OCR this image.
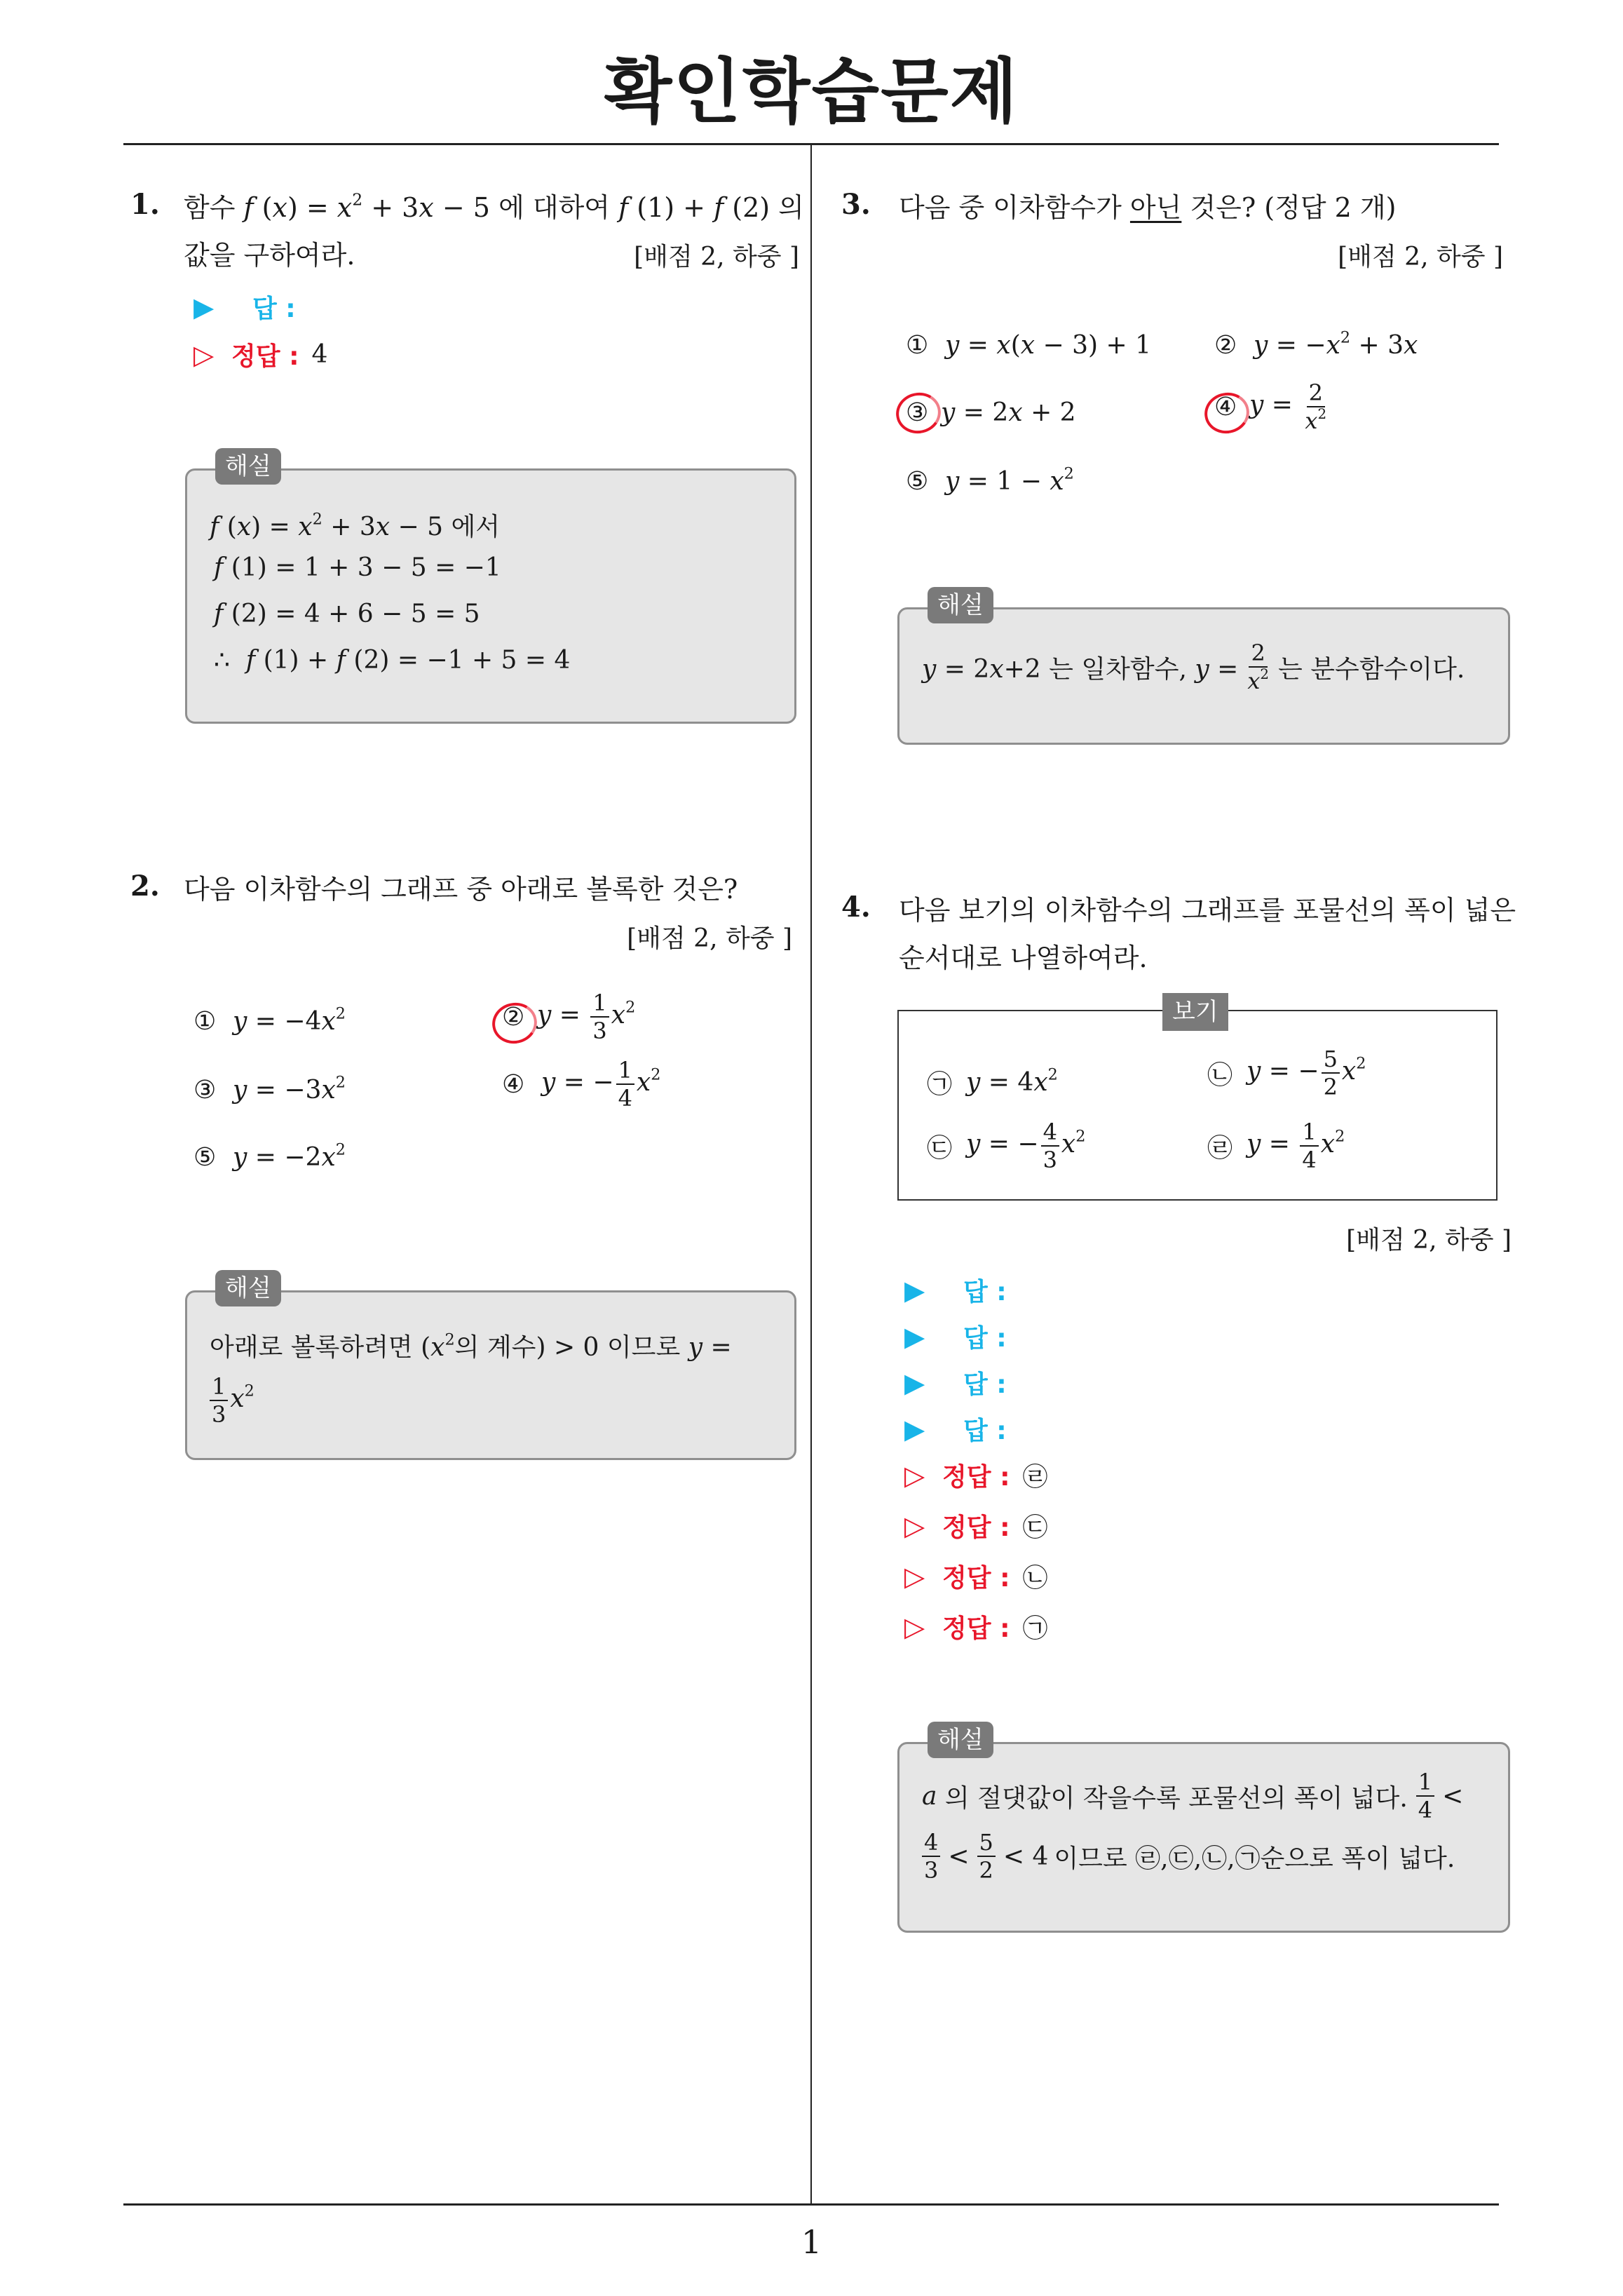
확인학습문제
1
1. 함수 f $(x) = x^2 + 3x - 5$ 에 대하여 f (1) + f (2) 의
값을 구하여라.	[배점 2, 하중 ]
▶ 답 :
▷ 정답 : 4
해설
f $(x) = x^2 + 3x - 5$ 에서
f (1) = 1 + 3 − 5 = −1
f (2) = 4 + 6 − 5 = 5
∴  f (1) + f (2) = −1 + 5 = 4
2. 다음 이차함수의 그래프 중 아래로 볼록한 것은?
[배점 2, 하중 ]
① $y = -4x^2$	② $y = \frac{1}{3} x^2$
③ $y = -3x^2$	④ y = − $\frac{1}{4} x^2$
⑤ $y = -2x^2$
해설
아래로 볼록하려면 ($x^2$의 계수) > 0 이므로 y =
$\frac{1}{3} x^2$
3. 다음 중 이차함수가 아닌 것은? (정답 2 개)
[배점 2, 하중 ]
① y = x(x − 3) + 1 ② $y = -x^2 + 3x$
③ y = 2x + 2	④ $y = \frac{2}{x^2}$
⑤ $y = 1 - x^2$
해설
y = 2x+2 는 일차함수, $y = \frac{2}{x^2}$ 는 분수함수이다.
4. 다음 보기의 이차함수의 그래프를 포물선의 폭이 넓은
순서대로 나열하여라.
보기
㉠ $y = 4x^2$	㉡ y = − $\frac{5}{2} x^2$
㉢ y = − $\frac{4}{3} x^2$	㉣ $y = \frac{1}{4} x^2$
[배점 2, 하중 ]
▶ 답 :
▶ 답 :
▶ 답 :
▶ 답 :
▷ 정답 : ㉣
▷ 정답 : ㉢
▷ 정답 : ㉡
▷ 정답 : ㉠
해설
a
의 절댓값이 작을수록 포물선의 폭이 넓다. $\frac{1}{4}$ <
$\frac{4}{3} < \frac{5}{2} < 4$ 이므로 ㉣,㉢,㉡,㉠순으로 폭이 넓다.
